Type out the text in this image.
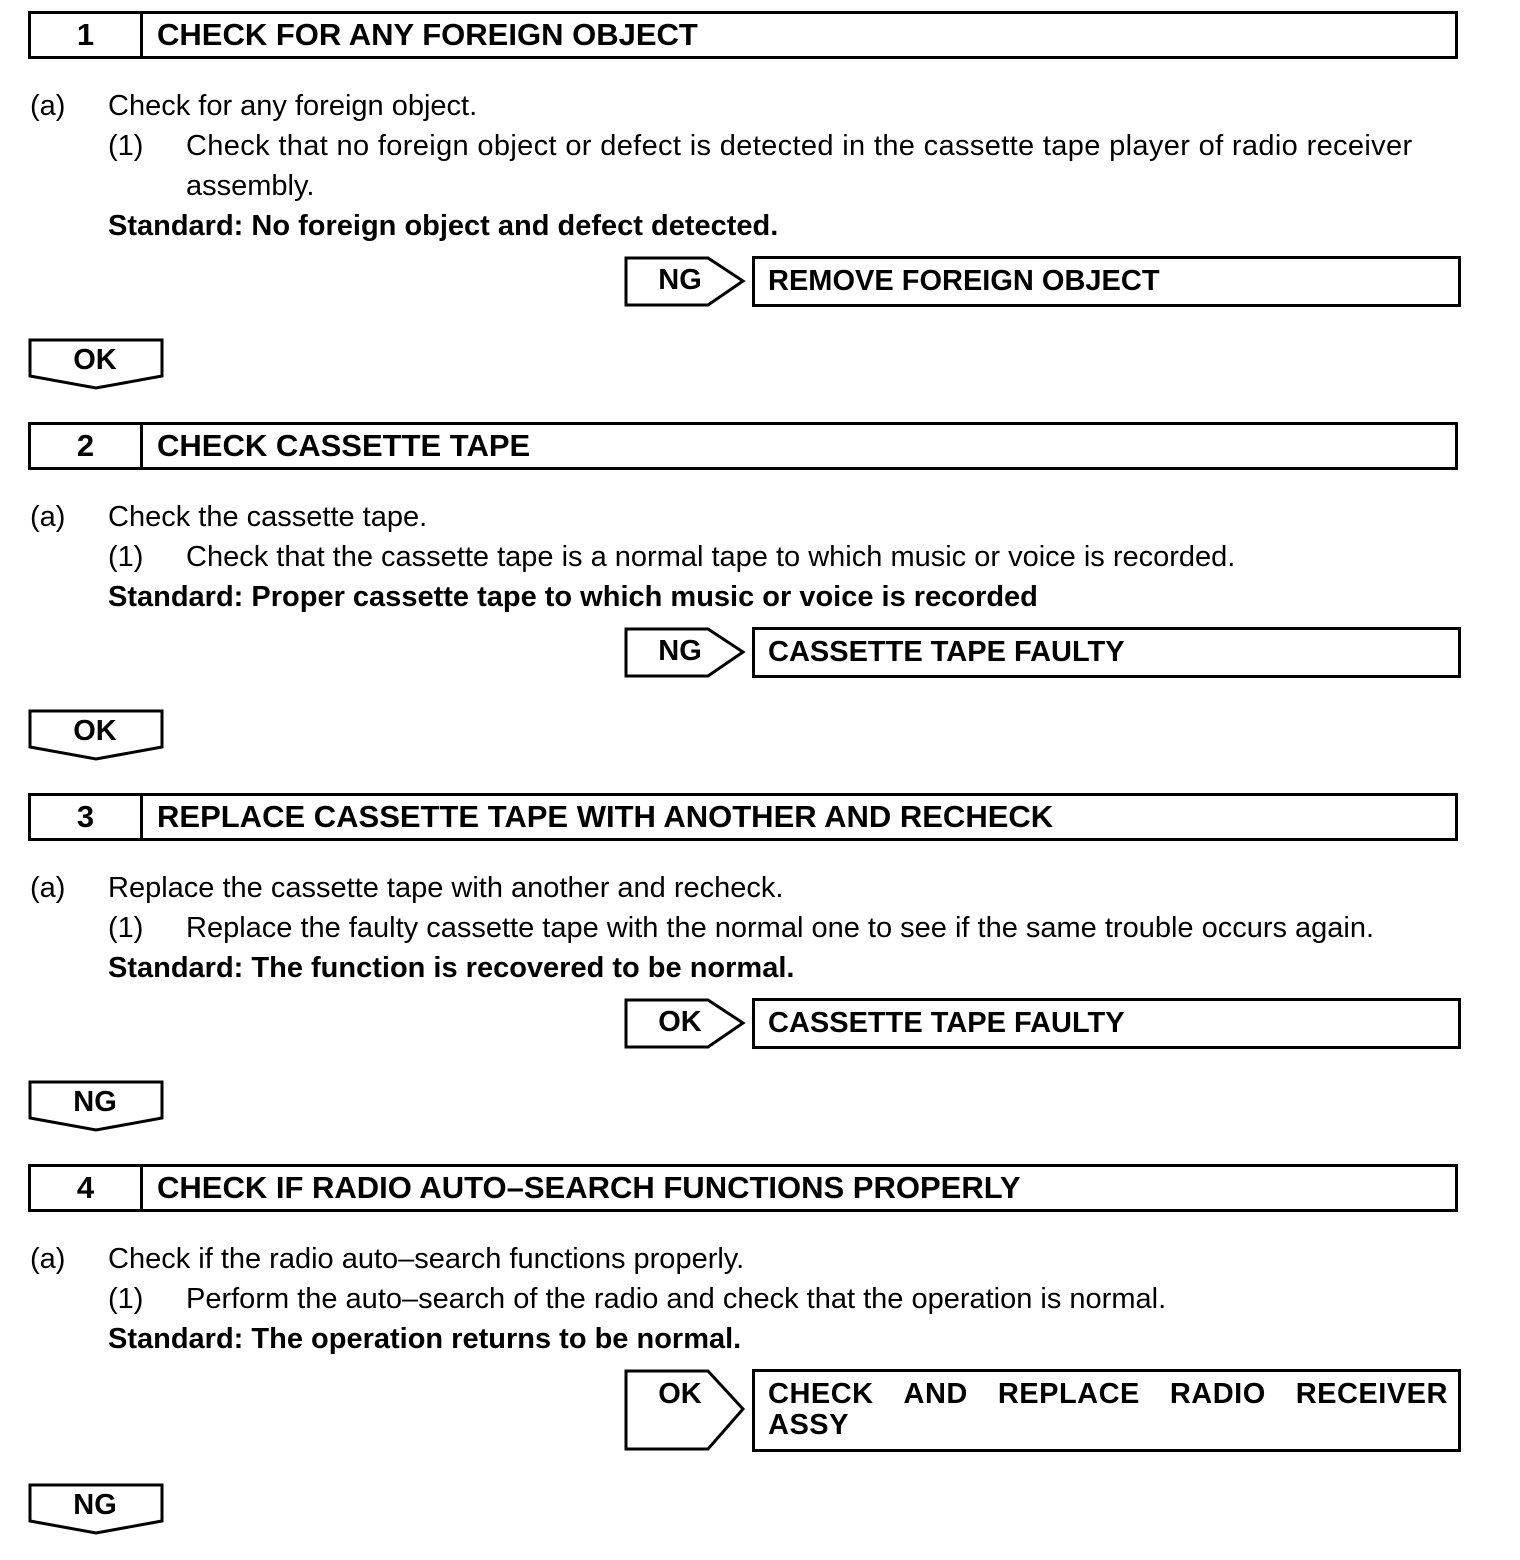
1	CHECK FOR ANY FOREIGN OBJECT
(a) Check for any foreign object.
(1) Check that no foreign object or defect is detected in the cassette tape player of radio receiver
assembly.
Standard: No foreign object and defect detected.
NG	REMOVE FOREIGN OBJECT
OK
2	CHECK CASSETTE TAPE
(a) Check the cassette tape.
(1) Check that the cassette tape is a normal tape to which music or voice is recorded.
Standard: Proper cassette tape to which music or voice is recorded
NG	CASSETTE TAPE FAULTY
OK
3	REPLACE CASSETTE TAPE WITH ANOTHER AND RECHECK
(a) Replace the cassette tape with another and recheck.
(1) Replace the faulty cassette tape with the normal one to see if the same trouble occurs again.
Standard: The function is recovered to be normal.
OK	CASSETTE TAPE FAULTY
NG
4	CHECK IF RADIO AUTO–SEARCH FUNCTIONS PROPERLY
(a) Check if the radio auto–search functions properly.
(1) Perform the auto–search of the radio and check that the operation is normal.
Standard: The operation returns to be normal.
OK	CHECK AND REPLACE RADIO RECEIVER
ASSY
NG
